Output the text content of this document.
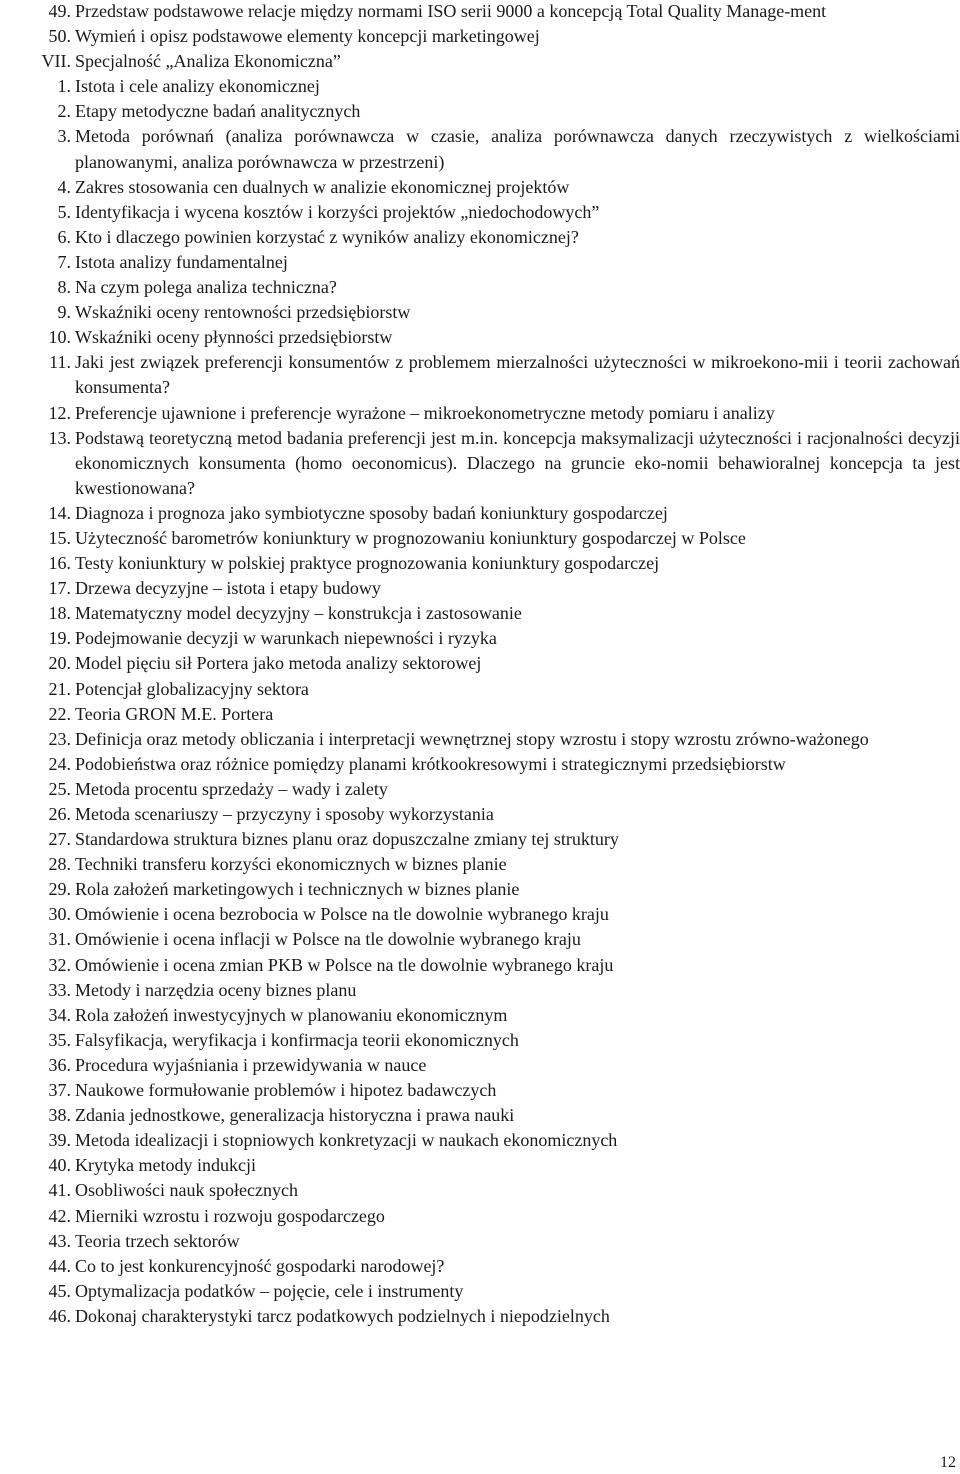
49. Przedstaw podstawowe relacje między normami ISO serii 9000 a koncepcją Total Quality Manage-ment
50. Wymień i opisz podstawowe elementy koncepcji marketingowej
VII. Specjalność „Analiza Ekonomiczna”
1. Istota i cele analizy ekonomicznej
2. Etapy metodyczne badań analitycznych
3. Metoda porównań (analiza porównawcza w czasie, analiza porównawcza danych rzeczywistych z wielkościami planowanymi, analiza porównawcza w przestrzeni)
4. Zakres stosowania cen dualnych w analizie ekonomicznej projektów
5. Identyfikacja i wycena kosztów i korzyści projektów „niedochodowych”
6. Kto i dlaczego powinien korzystać z wyników analizy ekonomicznej?
7. Istota analizy fundamentalnej
8. Na czym polega analiza techniczna?
9. Wskaźniki oceny rentowności przedsiębiorstw
10. Wskaźniki oceny płynności przedsiębiorstw
11. Jaki jest związek preferencji konsumentów z problemem mierzalności użyteczności w mikroekono-mii i teorii zachowań konsumenta?
12. Preferencje ujawnione i preferencje wyrażone – mikroekonometryczne metody pomiaru i analizy
13. Podstawą teoretyczną metod badania preferencji jest m.in. koncepcja maksymalizacji użyteczności i racjonalności decyzji ekonomicznych konsumenta (homo oeconomicus). Dlaczego na gruncie eko-nomii behawioralnej koncepcja ta jest kwestionowana?
14. Diagnoza i prognoza jako symbiotyczne sposoby badań koniunktury gospodarczej
15. Użyteczność barometrów koniunktury w prognozowaniu koniunktury gospodarczej w Polsce
16. Testy koniunktury w polskiej praktyce prognozowania koniunktury gospodarczej
17. Drzewa decyzyjne – istota i etapy budowy
18. Matematyczny model decyzyjny – konstrukcja i zastosowanie
19. Podejmowanie decyzji w warunkach niepewności i ryzyka
20. Model pięciu sił Portera jako metoda analizy sektorowej
21. Potencjał globalizacyjny sektora
22. Teoria GRON M.E. Portera
23. Definicja oraz metody obliczania i interpretacji wewnętrznej stopy wzrostu i stopy wzrostu zrówno-ważonego
24. Podobieństwa oraz różnice pomiędzy planami krótkookresowymi i strategicznymi przedsiębiorstw
25. Metoda procentu sprzedaży – wady i zalety
26. Metoda scenariuszy – przyczyny i sposoby wykorzystania
27. Standardowa struktura biznes planu oraz dopuszczalne zmiany tej struktury
28. Techniki transferu korzyści ekonomicznych w biznes planie
29. Rola założeń marketingowych i technicznych w biznes planie
30. Omówienie i ocena bezrobocia w Polsce na tle dowolnie wybranego kraju
31. Omówienie i ocena inflacji w Polsce na tle dowolnie wybranego kraju
32. Omówienie i ocena zmian PKB w Polsce na tle dowolnie wybranego kraju
33. Metody i narzędzia oceny biznes planu
34. Rola założeń inwestycyjnych w planowaniu ekonomicznym
35. Falsyfikacja, weryfikacja i konfirmacja teorii ekonomicznych
36. Procedura wyjaśniania i przewidywania w nauce
37. Naukowe formułowanie problemów i hipotez badawczych
38. Zdania jednostkowe, generalizacja historyczna i prawa nauki
39. Metoda idealizacji i stopniowych konkretyzacji w naukach ekonomicznych
40. Krytyka metody indukcji
41. Osobliwości nauk społecznych
42. Mierniki wzrostu i rozwoju gospodarczego
43. Teoria trzech sektorów
44. Co to jest konkurencyjność gospodarki narodowej?
45. Optymalizacja podatków – pojęcie, cele i instrumenty
46. Dokonaj charakterystyki tarcz podatkowych podzielnych i niepodzielnych
12
